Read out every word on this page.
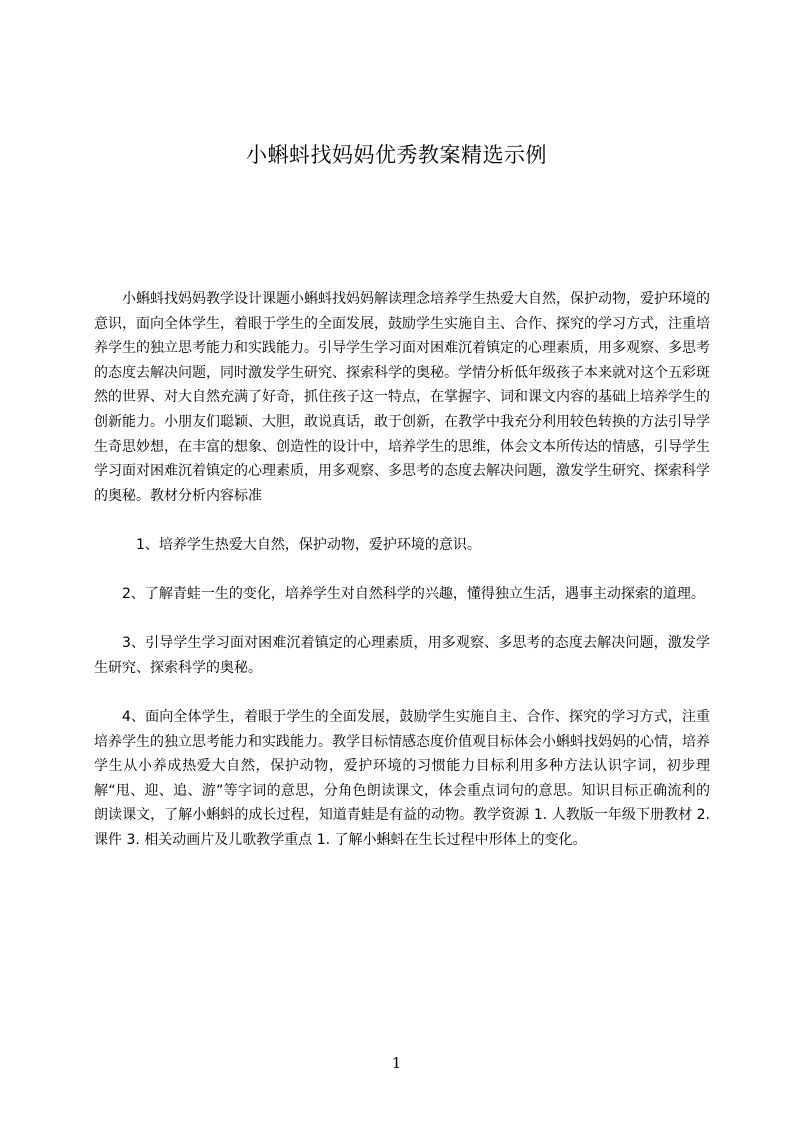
小蝌蚪找妈妈优秀教案精选示例

小蝌蚪找妈妈教学设计课题小蝌蚪找妈妈解读理念培养学生热爱大自然，保护动物，爱护环境的意识，面向全体学生，着眼于学生的全面发展，鼓励学生实施自主、合作、探究的学习方式，注重培养学生的独立思考能力和实践能力。引导学生学习面对困难沉着镇定的心理素质，用多观察、多思考的态度去解决问题，同时激发学生研究、探索科学的奥秘。学情分析低年级孩子本来就对这个五彩斑然的世界、对大自然充满了好奇，抓住孩子这一特点，在掌握字、词和课文内容的基础上培养学生的创新能力。小朋友们聪颖、大胆，敢说真话，敢于创新，在教学中我充分利用较色转换的方法引导学生奇思妙想，在丰富的想象、创造性的设计中，培养学生的思维，体会文本所传达的情感，引导学生学习面对困难沉着镇定的心理素质，用多观察、多思考的态度去解决问题，激发学生研究、探索科学的奥秘。教材分析内容标准

1、培养学生热爱大自然，保护动物，爱护环境的意识。

2、了解青蛙一生的变化，培养学生对自然科学的兴趣，懂得独立生活，遇事主动探索的道理。

3、引导学生学习面对困难沉着镇定的心理素质，用多观察、多思考的态度去解决问题，激发学生研究、探索科学的奥秘。

4、面向全体学生，着眼于学生的全面发展，鼓励学生实施自主、合作、探究的学习方式，注重培养学生的独立思考能力和实践能力。教学目标情感态度价值观目标体会小蝌蚪找妈妈的心情，培养学生从小养成热爱大自然，保护动物，爱护环境的习惯能力目标利用多种方法认识字词，初步理解“甩、迎、追、游”等字词的意思，分角色朗读课文，体会重点词句的意思。知识目标正确流利的朗读课文，了解小蝌蚪的成长过程，知道青蛙是有益的动物。教学资源 1. 人教版一年级下册教材 2. 课件 3. 相关动画片及儿歌教学重点 1. 了解小蝌蚪在生长过程中形体上的变化。

1
